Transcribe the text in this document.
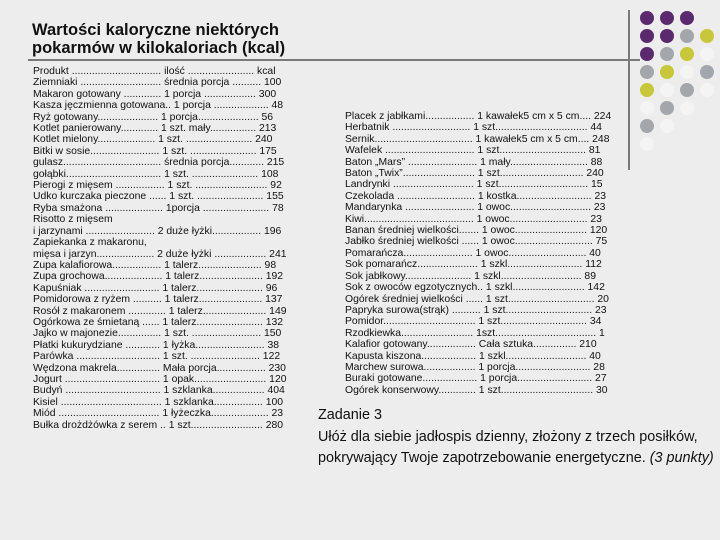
Wartości kaloryczne niektórych
pokarmów w kilokaloriach (kcal)
Produkt ............................... ilość ....................... kcal
Ziemniaki ............................ średnia porcja .......... 100
Makaron gotowany ............. 1 porcja .................. 300
Kasza jęczmienna gotowana.. 1 porcja ................... 48
Ryż gotowany..................... 1 porcja..................... 56
Kotlet panierowany............. 1 szt. mały................ 213
Kotlet mielony.................... 1 szt. ....................... 240
Bitki w sosie........................ 1 szt. ....................... 175
gulasz.................................. średnia porcja............ 215
gołąbki................................. 1 szt. ....................... 108
Pierogi z mięsem ................. 1 szt. ......................... 92
Udko kurczaka pieczone ...... 1 szt. ....................... 155
Ryba smażona .................... 1porcja ....................... 78
Risotto z mięsem
i jarzynami ........................ 2 duże łyżki................. 196
Zapiekanka z makaronu,
mięsa i jarzyn.................... 2 duże łyżki .................. 241
Zupa kalafiorowa................. 1 talerz...................... 98
Zupa grochowa.................... 1 talerz...................... 192
Kapuśniak .......................... 1 talerz....................... 96
Pomidorowa z ryżem .......... 1 talerz...................... 137
Rosół z makaronem ............. 1 talerz...................... 149
Ogórkowa ze śmietaną ...... 1 talerz....................... 132
Jajko w majonezie............... 1 szt. ........................ 150
Płatki kukurydziane ............ 1 łyżka........................ 38
Parówka ............................. 1 szt. ........................ 122
Wędzona makrela............... Mała porcja................. 230
Jogurt ................................. 1 opak......................... 120
Budyń ................................. 1 szklanka.................. 404
Kisiel ................................... 1 szklanka................. 100
Miód ................................... 1 łyżeczka.................... 23
Bułka drożdżówka z serem .. 1 szt......................... 280
Placek z jabłkami................. 1 kawałek5 cm x 5 cm.... 224
Herbatnik ........................... 1 szt................................ 44
Sernik.................................. 1 kawałek5 cm x 5 cm.... 248
Wafelek ............................... 1 szt.............................. 81
Baton „Mars” ........................ 1 mały........................... 88
Baton „Twix”......................... 1 szt............................. 240
Landrynki ............................ 1 szt............................... 15
Czekolada ........................... 1 kostka.......................... 23
Mandarynka ........................ 1 owoc............................ 23
Kiwi...................................... 1 owoc........................... 23
Banan średniej wielkości....... 1 owoc......................... 120
Jabłko średniej wielkości ...... 1 owoc........................... 75
Pomarańcza........................ 1 owoc........................... 40
Sok pomarańcz..................... 1 szkl.......................... 112
Sok jabłkowy....................... 1 szkl............................ 89
Sok z owoców egzotycznych.. 1 szkl......................... 142
Ogórek średniej wielkości ...... 1 szt.............................. 20
Papryka surowa(strąk) .......... 1 szt.............................. 23
Pomidor................................ 1 szt.............................. 34
Rzodkiewka......................... 1szt................................... 1
Kalafior gotowany................. Cała sztuka............... 210
Kapusta kiszona................... 1 szkl............................ 40
Marchew surowa.................. 1 porcja.......................... 28
Buraki gotowane................... 1 porcja.......................... 27
Ogórek konserwowy............. 1 szt................................ 30
Zadanie 3
Ułóż dla siebie jadłospis dzienny, złożony z trzech posiłków, pokrywający Twoje zapotrzebowanie energetyczne. (3 punkty)
